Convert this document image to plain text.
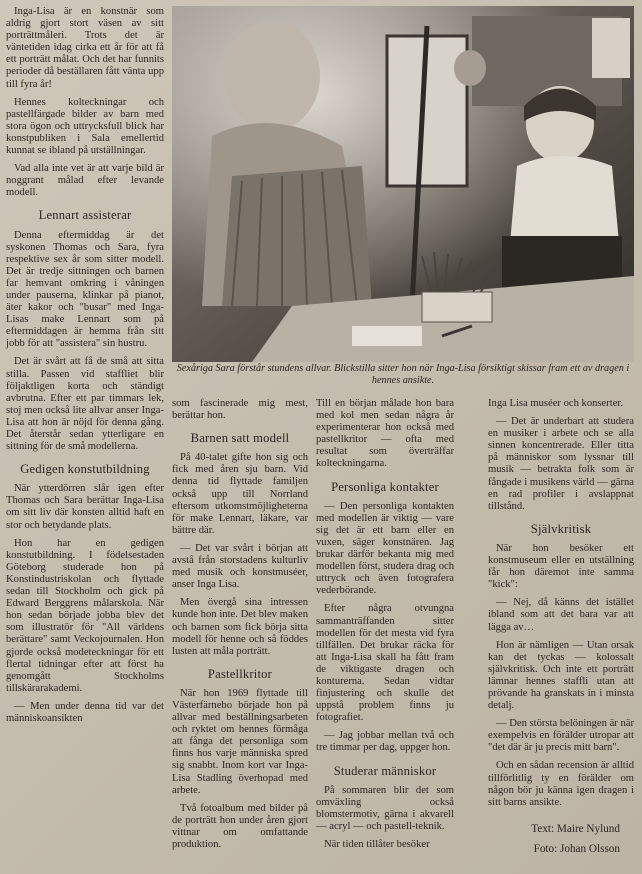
Inga-Lisa är en konstnär som aldrig gjort stort väsen av sitt porträttmåleri. Trots det är väntetiden idag cirka ett år för att få ett porträtt målat. Och det har funnits perioder då beställaren fått vänta upp till fyra år!

Hennes kolteckningar och pastellfärgade bilder av barn med stora ögon och uttrycksfull blick har konstpubliken i Sala emellertid kunnat se ibland på utställningar.

Vad alla inte vet är att varje bild är noggrant målad efter levande modell.

Lennart assisterar

Denna eftermiddag är det syskonen Thomas och Sara, fyra respektive sex år som sitter modell. Det är tredje sittningen och barnen far hemvant omkring i våningen under pauserna, klinkar på pianot, äter kakor och "busar" med Inga-Lisas make Lennart som på eftermiddagen är hemma från sitt jobb för att "assistera" sin hustru.

Det är svårt att få de små att sitta stilla. Passen vid staffliet blir följaktligen korta och ständigt avbrutna. Efter ett par timmars lek, stoj men också lite allvar anser Inga-Lisa att hon är nöjd för denna gång. Det återstår sedan ytterligare en sittning för de små modellerna.

Gedigen konstutbildning

När ytterdörren slår igen efter Thomas och Sara berättar Inga-Lisa om sitt liv där konsten alltid haft en stor och betydande plats.

Hon har en gedigen konstutbildning. I födelsestaden Göteborg studerade hon på Konstindustriskolan och flyttade sedan till Stockholm och gick på Edward Berggrens målarskola. När hon sedan började jobba blev det som illustratör för "All världens berättare" samt Veckojournalen. Hon gjorde också modeteckningar för ett flertal tidningar efter att först ha genomgått Stockholms tillskärarakademi.

— Men under denna tid var det människoansikten

Sexåriga Sara förstår stundens allvar. Blickstilla sitter hon när Inga-Lisa försiktigt skissar fram ett av dragen i hennes ansikte.

som fascinerade mig mest, berättar hon.

Barnen satt modell

På 40-talet gifte hon sig och fick med åren sju barn. Vid denna tid flyttade familjen också upp till Norrland eftersom utkomstmöjligheterna för make Lennart, läkare, var bättre där.

— Det var svårt i början att avstå från storstadens kulturliv med musik och konstmuséer, anser Inga Lisa.

Men övergå sina intressen kunde hon inte. Det blev maken och barnen som fick börja sitta modell för henne och så föddes lusten att måla porträtt.

Pastellkritor

När hon 1969 flyttade till Västerfärnebo började hon på allvar med beställningsarbeten och ryktet om hennes förmåga att fånga det personliga som finns hos varje människa spred sig snabbt. Inom kort var Inga-Lisa Stadling överhopad med arbete.

Två fotoalbum med bilder på de porträtt hon under åren gjort vittnar om omfattande produktion.

Till en början målade hon bara med kol men sedan några år experimenterar hon också med pastellkritor — ofta med resultat som överträffar kolteckningarna.

Personliga kontakter

— Den personliga kontakten med modellen är viktig — vare sig det är ett barn eller en vuxen, säger konstnären. Jag brukar därför bekanta mig med modellen först, studera drag och uttryck och även fotografera vederbörande.

Efter några otvungna sammanträffanden sitter modellen för det mesta vid fyra tillfällen. Det brukar räcka för att Inga-Lisa skall ha fått fram de viktigaste dragen och konturerna. Sedan vidtar finjustering och skulle det uppstå problem finns ju fotografiet.

— Jag jobbar mellan två och tre timmar per dag, uppger hon.

Studerar människor

På sommaren blir det som omväxling också blomstermotiv, gärna i akvarell — acryl — och pastell-teknik.

När tiden tillåter besöker

Inga Lisa muséer och konserter.

— Det är underbart att studera en musiker i arbete och se alla sinnen koncentrerade. Eller titta på människor som lyssnar till musik — betrakta folk som är fångade i musikens värld — gärna en rad profiler i avslappnat tillstånd.

Självkritisk

När hon besöker ett konstmuseum eller en utställning får hon däremot inte samma "kick":

— Nej, då känns det istället ibland som att det bara var att lägga av…

Hon är nämligen — Utan orsak kan det tyckas — kolossalt självkritisk. Och inte ett porträtt lämnar hennes staffli utan att prövande ha granskats in i minsta detalj.

— Den största belöningen är när exempelvis en förälder utropar att "det där är ju precis mitt barn".

Och en sådan recension är alltid tillförlitlig ty en förälder om någon bör ju känna igen dragen i sitt barns ansikte.

Text: Maire Nylund
Foto: Johan Olsson
